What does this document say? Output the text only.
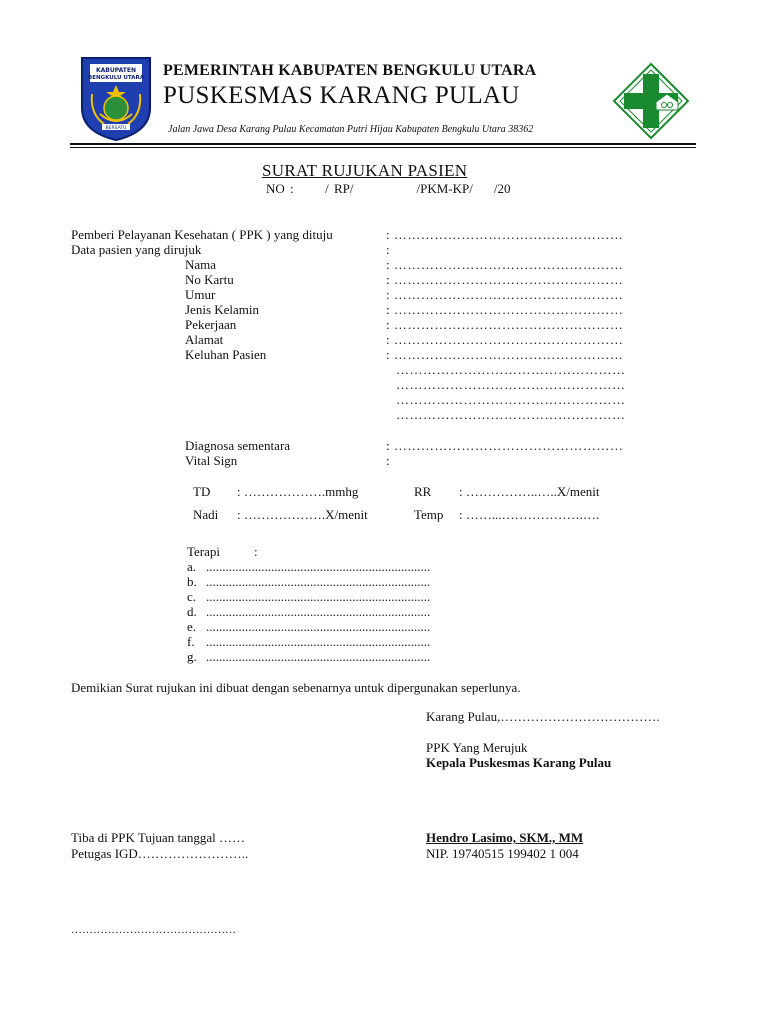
KABUPATEN
BENGKULU UTARA
BERSATU
PEMERINTAH KABUPATEN BENGKULU UTARA
PUSKESMAS KARANG PULAU
Jalan Jawa Desa Karang Pulau Kecamatan Putri Hijau Kabupaten Bengkulu Utara 38362
SURAT RUJUKAN PASIEN
NO :      / RP/            /PKM-KP/    /20
Pemberi Pelayanan Kesehatan ( PPK ) yang dituju	: ……………………………………………
Data pasien yang dirujuk	:
Nama	: ……………………………………………
No Kartu	: ……………………………………………
Umur	: ……………………………………………
Jenis Kelamin	: ……………………………………………
Pekerjaan	: ……………………………………………
Alamat	: ……………………………………………
Keluhan Pasien	: ……………………………………………
……………………………………………
……………………………………………
……………………………………………
……………………………………………
Diagnosa sementara	: ……………………………………………
Vital Sign	:
TD : ……………….mmhg	RR : ……………..…..X/menit
Nadi : ……………….X/menit	Temp : ……...……………….….
Terapi	:
a. .....................................................................
b. .....................................................................
c. .....................................................................
d. .....................................................................
e. .....................................................................
f. .....................................................................
g. .....................................................................
Demikian Surat rujukan ini dibuat dengan sebenarnya untuk dipergunakan seperlunya.
Karang Pulau,……………………………….
PPK Yang Merujuk
Kepala Puskesmas Karang Pulau
Tiba di PPK Tujuan tanggal ……
Petugas IGD……………………..
Hendro Lasimo, SKM., MM
NIP. 19740515 199402 1 004
………………………………………
